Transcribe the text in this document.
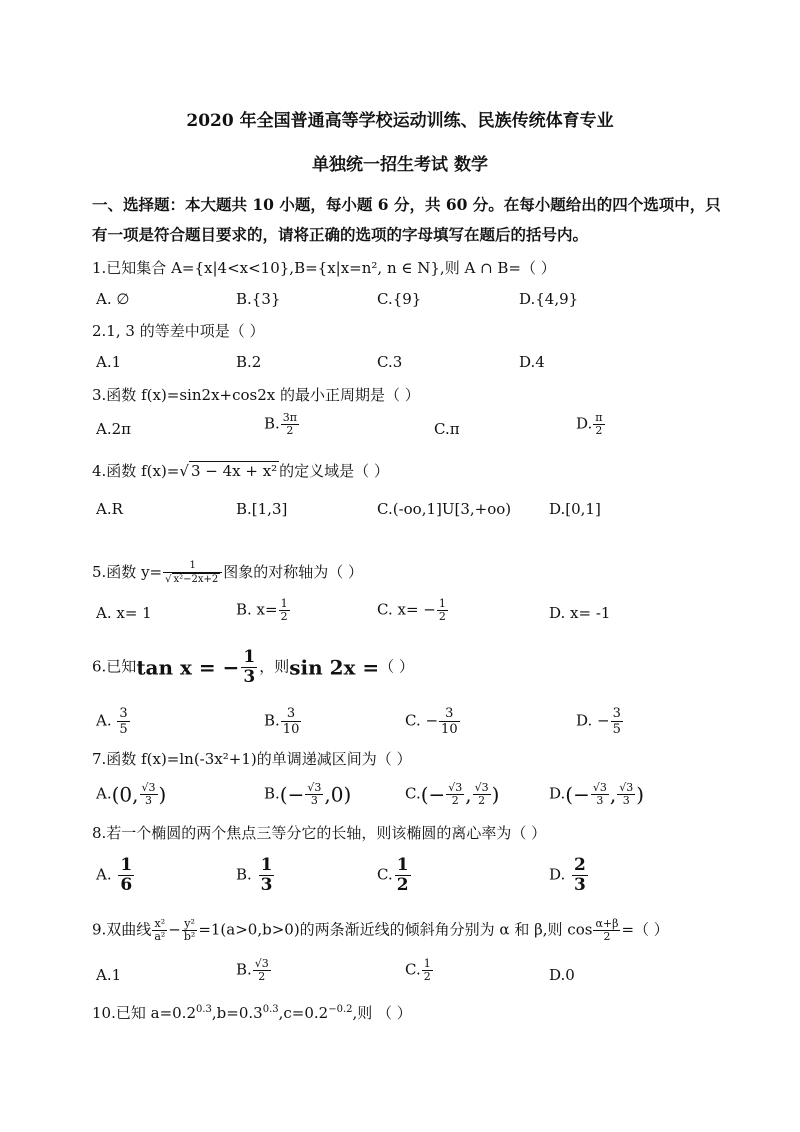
2020 年全国普通高等学校运动训练、民族传统体育专业
单独统一招生考试 数学
一、选择题：本大题共 10 小题，每小题 6 分，共 60 分。在每小题给出的四个选项中，只有一项是符合题目要求的，请将正确的选项的字母填写在题后的括号内。
1.已知集合 A={x|4<x<10},B={x|x=n², n ∈ N},则 A ∩ B=（ ）
A. ∅	B.{3}	C.{9}	D.{4,9}
2.1, 3 的等差中项是（ ）
A.1	B.2	C.3	D.4
3.函数 f(x)=sin2x+cos2x 的最小正周期是（ ）
A.2π	B. $\frac{3\pi}{2}$	C.π	D. $\frac{\pi}{2}$
4.函数 f(x)=√ 3 − 4x + x² 的定义域是（ ）
A.R	B.[1,3]	C.(-oo,1]U[3,+oo)	D.[0,1]
5.函数 $y= \frac{1}{\text{√ x²−2x+2}}$ 图象的对称轴为（ ）
A. x= 1	B. $x= \frac{1}{2}$	C. $x= - \frac{1}{2}$	D. x= -1
6.已知tan x = − $\frac{1}{3}$ ，则sin 2x =（ ）
A. $\frac{3}{5}$	B. $\frac{3}{10}$	C. − $\frac{3}{10}$	D. − $\frac{3}{5}$
7.函数 f(x)=ln(-3x²+1)的单调递减区间为（ ）
A.(0, $\frac{√3}{3}$ )	$B.(- \frac{√3}{3} ,0)$	$C.(- \frac{√3}{2}$ , $\frac{√3}{2}$ )	$D.(- \frac{√3}{3}$ , $\frac{√3}{3}$ )
8.若一个椭圆的两个焦点三等分它的长轴，则该椭圆的离心率为（ ）
A. $\frac{1}{6}$	B. $\frac{1}{3}$	C. $\frac{1}{2}$	D. $\frac{2}{3}$
9.双曲线 $\frac{\text{x²}}{\text{a²}} - \frac{\text{y²}}{\text{b²}} =1(a>0,b>0)$的两条渐近线的倾斜角分别为 α 和 β,则 $\cos \frac{\alpha+\beta}{2}$ =（ ）
A.1	B. $\frac{√3}{2}$	C. $\frac{1}{2}$	D.0
10.已知 $a=0.2^{0.3},b=0.3^{0.3},c=0.2^{-0.2}$,则 （ ）
